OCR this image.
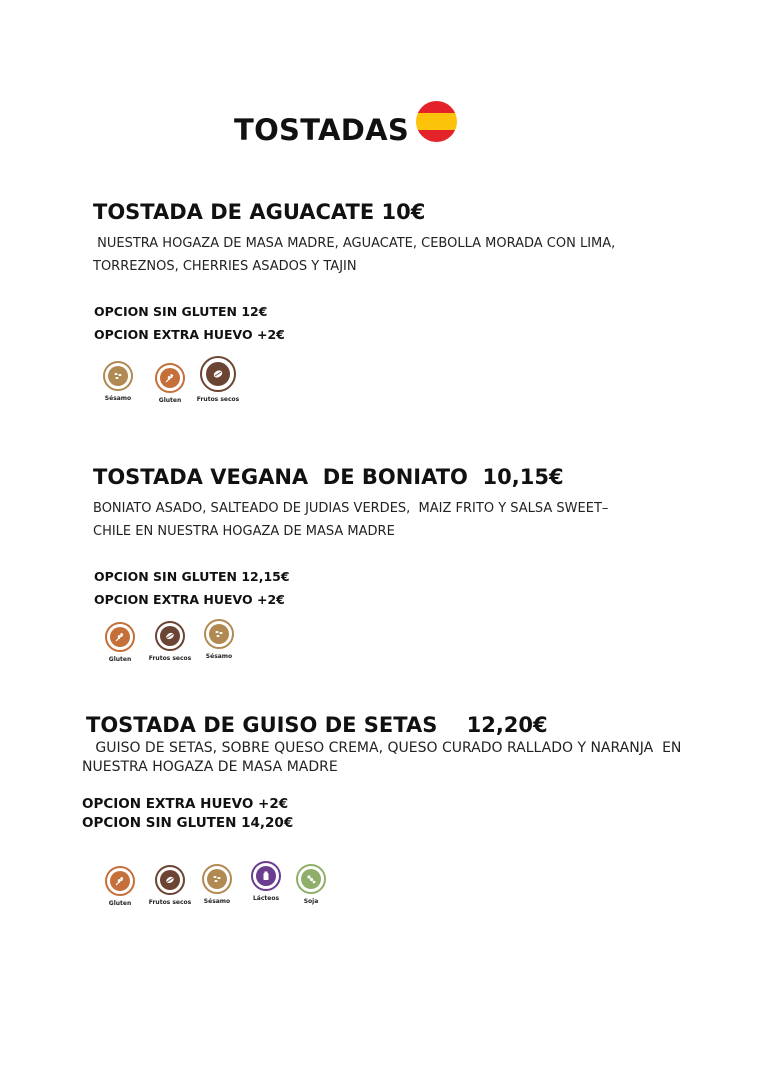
TOSTADAS
TOSTADA DE AGUACATE 10€
NUESTRA HOGAZA DE MASA MADRE, AGUACATE, CEBOLLA MORADA CON LIMA,
TORREZNOS, CHERRIES ASADOS Y TAJIN
OPCION SIN GLUTEN 12€
OPCION EXTRA HUEVO +2€
Sésamo	Gluten	Frutos secos
TOSTADA VEGANA  DE BONIATO  10,15€
BONIATO ASADO, SALTEADO DE JUDIAS VERDES,  MAIZ FRITO Y SALSA SWEET–
CHILE EN NUESTRA HOGAZA DE MASA MADRE
OPCION SIN GLUTEN 12,15€
OPCION EXTRA HUEVO +2€
Gluten	Frutos secos	Sésamo
TOSTADA DE GUISO DE SETAS    12,20€
GUISO DE SETAS, SOBRE QUESO CREMA, QUESO CURADO RALLADO Y NARANJA  EN
NUESTRA HOGAZA DE MASA MADRE
OPCION EXTRA HUEVO +2€
OPCION SIN GLUTEN 14,20€
Gluten	Frutos secos	Sésamo	Lácteos	Soja
